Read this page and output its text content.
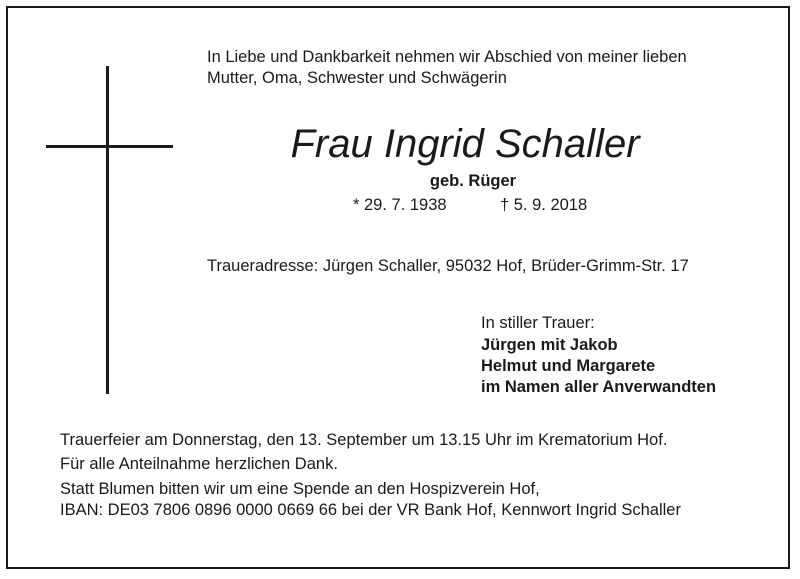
In Liebe und Dankbarkeit nehmen wir Abschied von meiner lieben
Mutter, Oma, Schwester und Schwägerin
Frau Ingrid Schaller
geb. Rüger
* 29. 7. 1938	† 5. 9. 2018
Traueradresse: Jürgen Schaller, 95032 Hof, Brüder-Grimm-Str. 17
In stiller Trauer:
Jürgen mit Jakob
Helmut und Margarete
im Namen aller Anverwandten
Trauerfeier am Donnerstag, den 13. September um 13.15 Uhr im Krematorium Hof.
Für alle Anteilnahme herzlichen Dank.
Statt Blumen bitten wir um eine Spende an den Hospizverein Hof,
IBAN: DE03 7806 0896 0000 0669 66 bei der VR Bank Hof, Kennwort Ingrid Schaller
